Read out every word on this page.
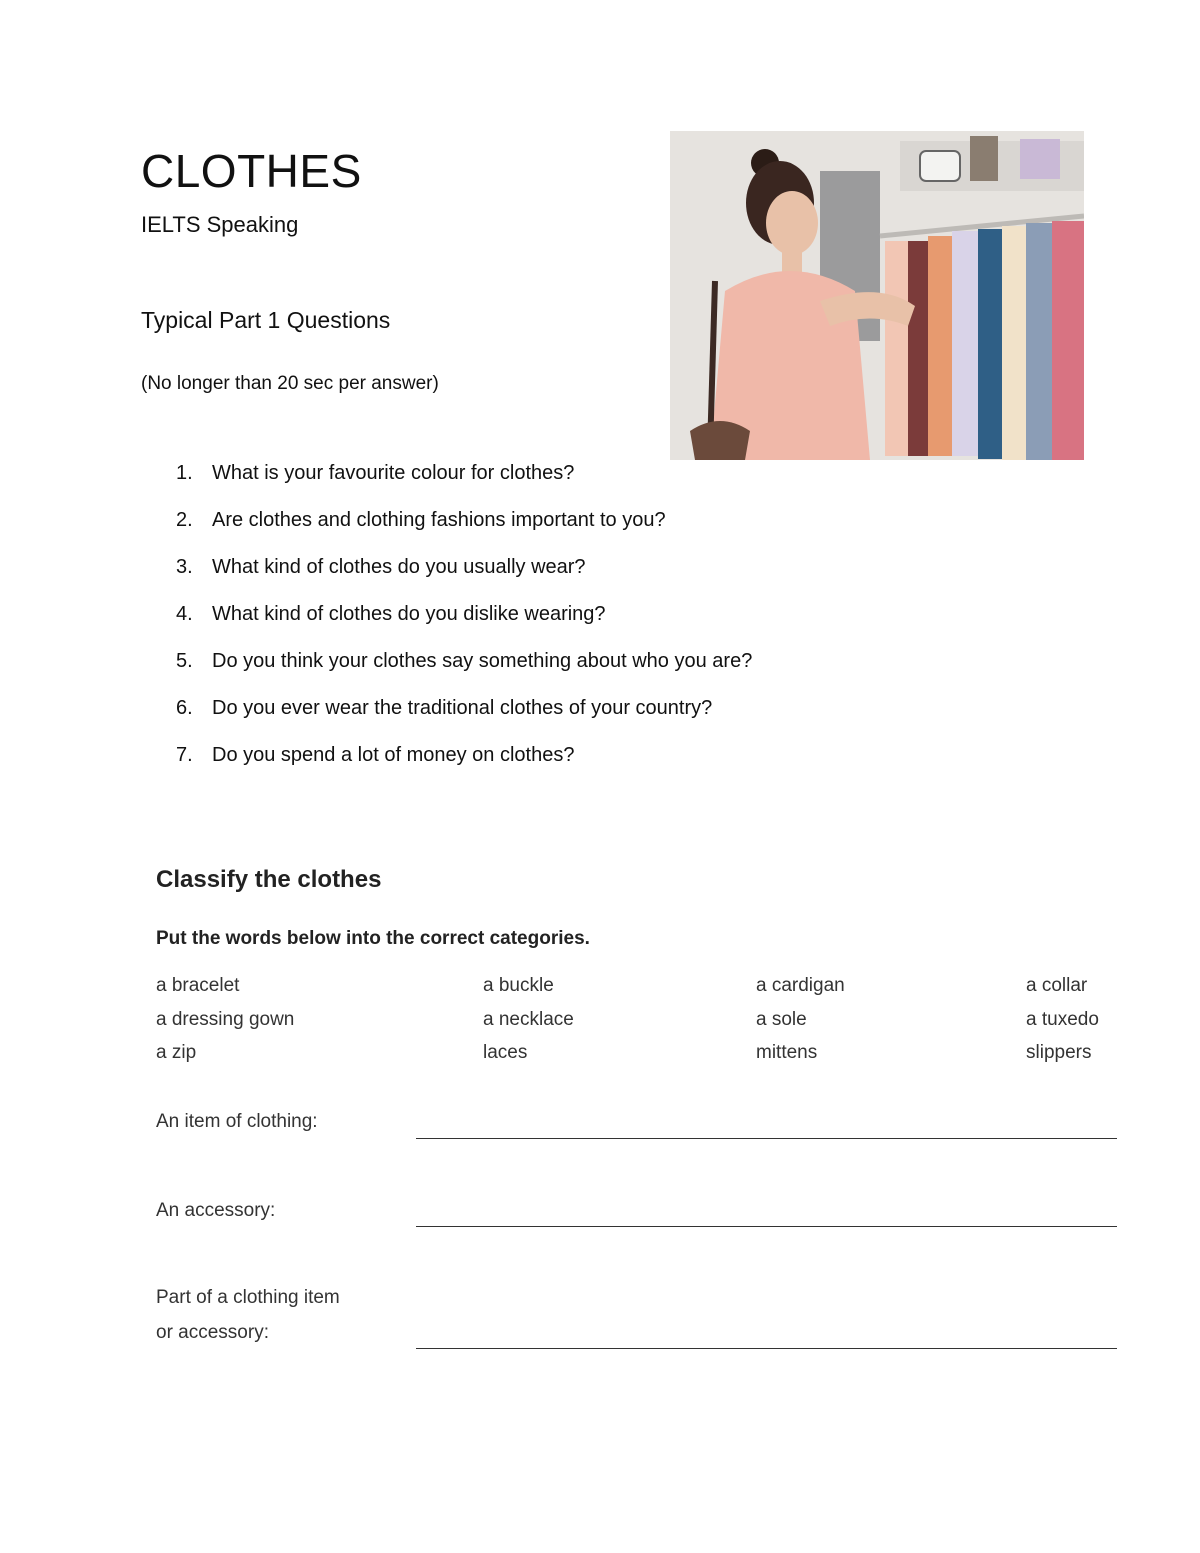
CLOTHES
IELTS Speaking
Typical Part 1 Questions
(No longer than 20 sec per answer)
1. What is your favourite colour for clothes?
2. Are clothes and clothing fashions important to you?
3. What kind of clothes do you usually wear?
4. What kind of clothes do you dislike wearing?
5. Do you think your clothes say something about who you are?
6. Do you ever wear the traditional clothes of your country?
7. Do you spend a lot of money on clothes?
Classify the clothes
Put the words below into the correct categories.
a bracelet	a buckle	a cardigan	a collar
a dressing gown	a necklace	a sole	a tuxedo
a zip	laces	mittens	slippers
An item of clothing:
An accessory:
Part of a clothing item
or accessory:
